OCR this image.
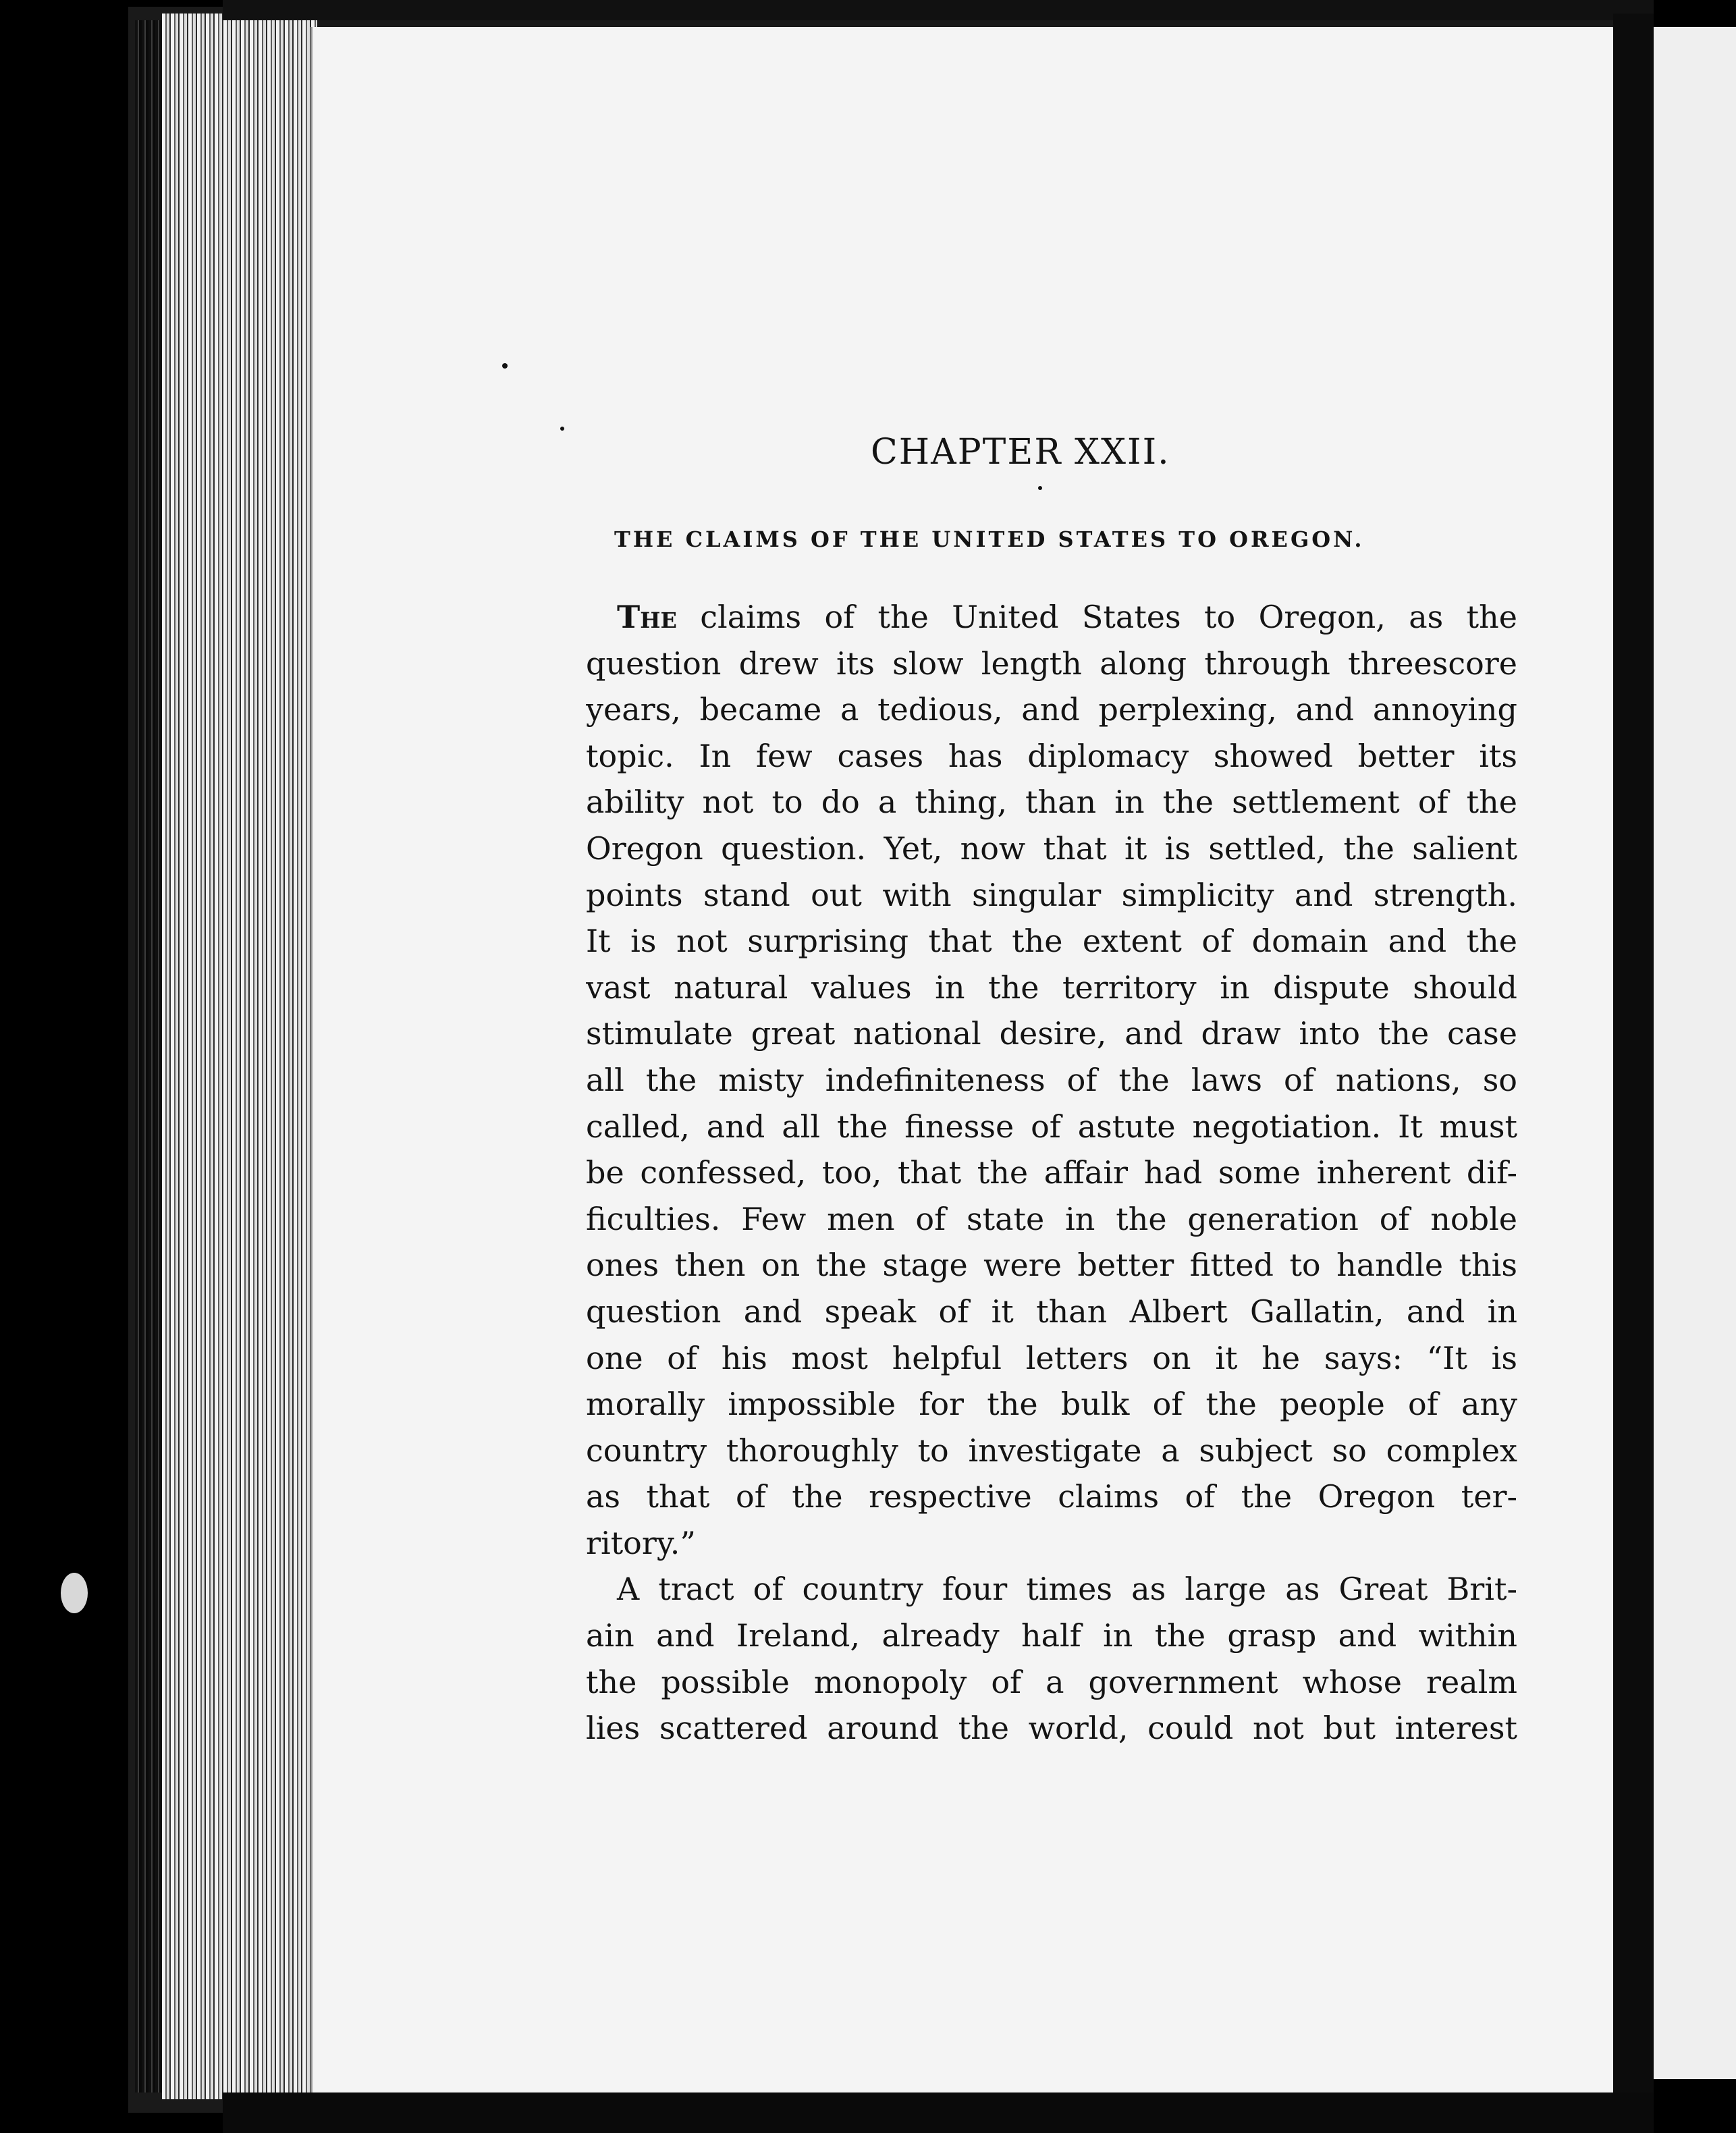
CHAPTER XXII.
THE CLAIMS OF THE UNITED STATES TO OREGON.
The claims of the United States to Oregon, as the
question drew its slow length along through threescore
years, became a tedious, and perplexing, and annoying
topic. In few cases has diplomacy showed better its
ability not to do a thing, than in the settlement of the
Oregon question. Yet, now that it is settled, the salient
points stand out with singular simplicity and strength.
It is not surprising that the extent of domain and the
vast natural values in the territory in dispute should
stimulate great national desire, and draw into the case
all the misty indefiniteness of the laws of nations, so
called, and all the finesse of astute negotiation. It must
be confessed, too, that the affair had some inherent dif-
ficulties. Few men of state in the generation of noble
ones then on the stage were better fitted to handle this
question and speak of it than Albert Gallatin, and in
one of his most helpful letters on it he says: “It is
morally impossible for the bulk of the people of any
country thoroughly to investigate a subject so complex
as that of the respective claims of the Oregon ter-
ritory.”
A tract of country four times as large as Great Brit-
ain and Ireland, already half in the grasp and within
the possible monopoly of a government whose realm
lies scattered around the world, could not but interest
